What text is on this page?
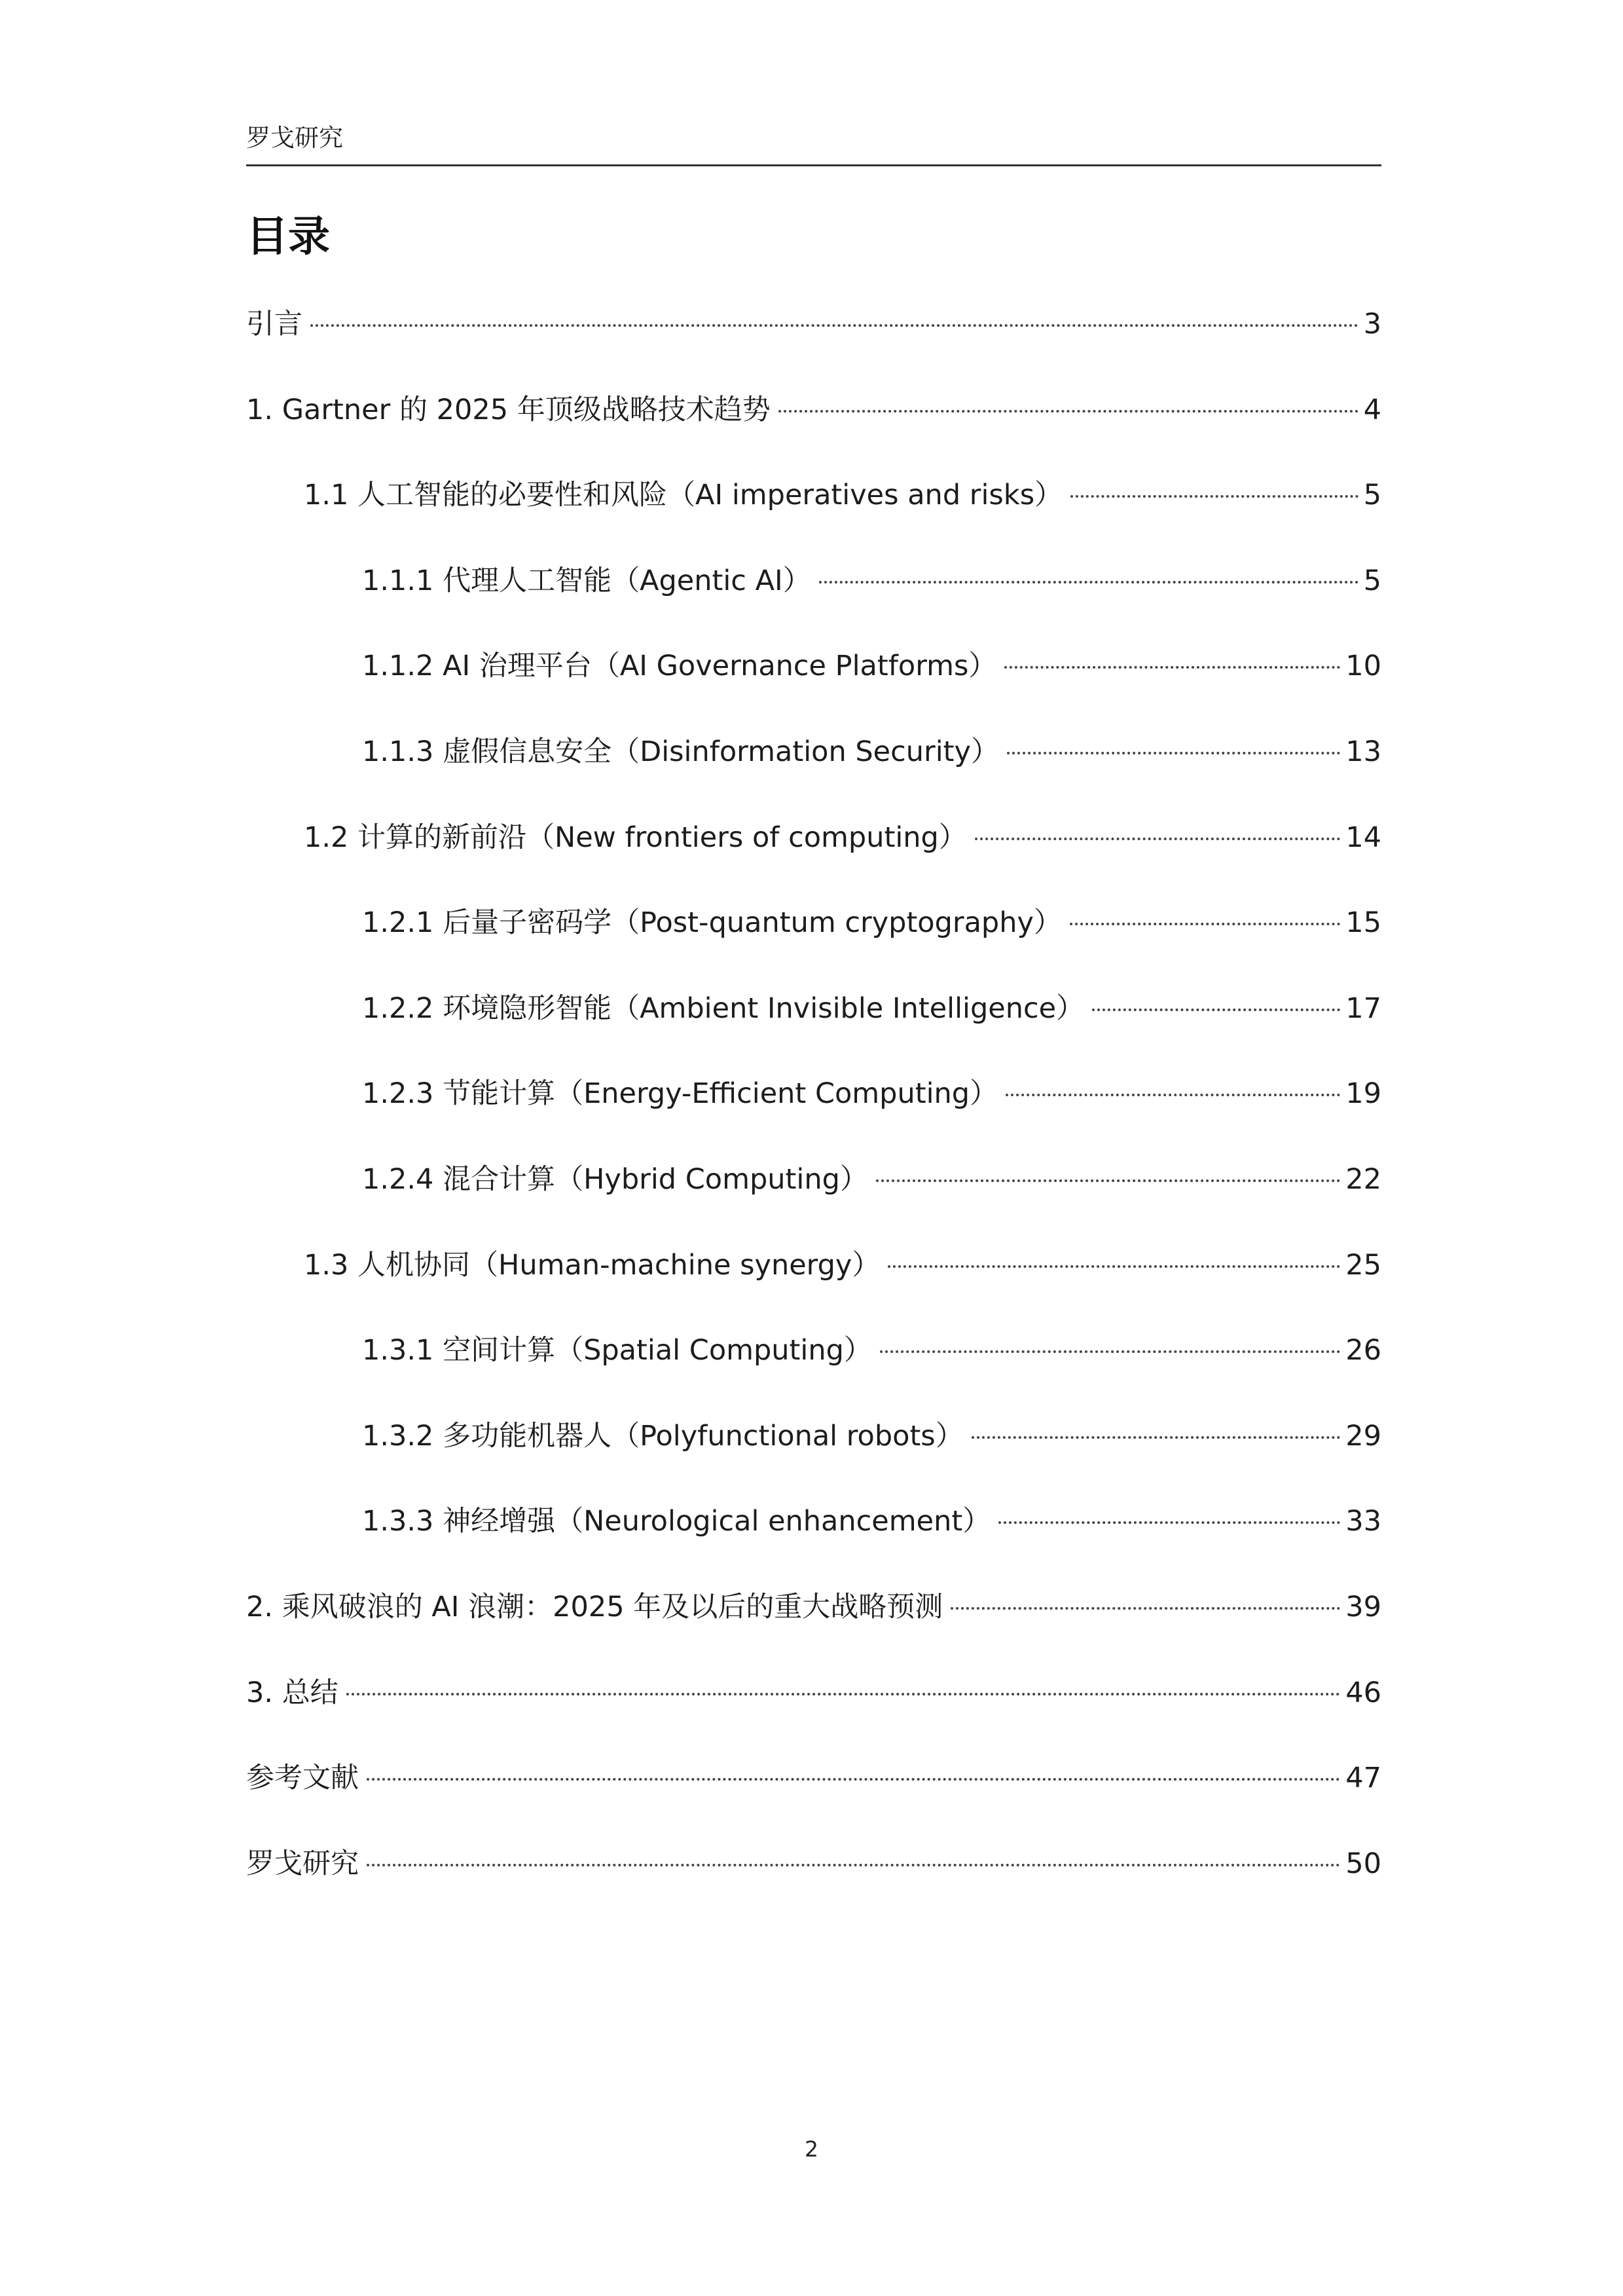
罗戈研究
目录
引言	3
1. Gartner 的 2025 年顶级战略技术趋势	4
1.1 人工智能的必要性和风险（AI imperatives and risks）	5
1.1.1 代理人工智能（Agentic AI）	5
1.1.2 AI 治理平台（AI Governance Platforms）	10
1.1.3 虚假信息安全（Disinformation Security）	13
1.2 计算的新前沿（New frontiers of computing）	14
1.2.1 后量子密码学（Post-quantum cryptography）	15
1.2.2 环境隐形智能（Ambient Invisible Intelligence）	17
1.2.3 节能计算（Energy-Efficient Computing）	19
1.2.4 混合计算（Hybrid Computing）	22
1.3 人机协同（Human-machine synergy）	25
1.3.1 空间计算（Spatial Computing）	26
1.3.2 多功能机器人（Polyfunctional robots）	29
1.3.3 神经增强（Neurological enhancement）	33
2. 乘风破浪的 AI 浪潮：2025 年及以后的重大战略预测	39
3. 总结	46
参考文献	47
罗戈研究	50
2
